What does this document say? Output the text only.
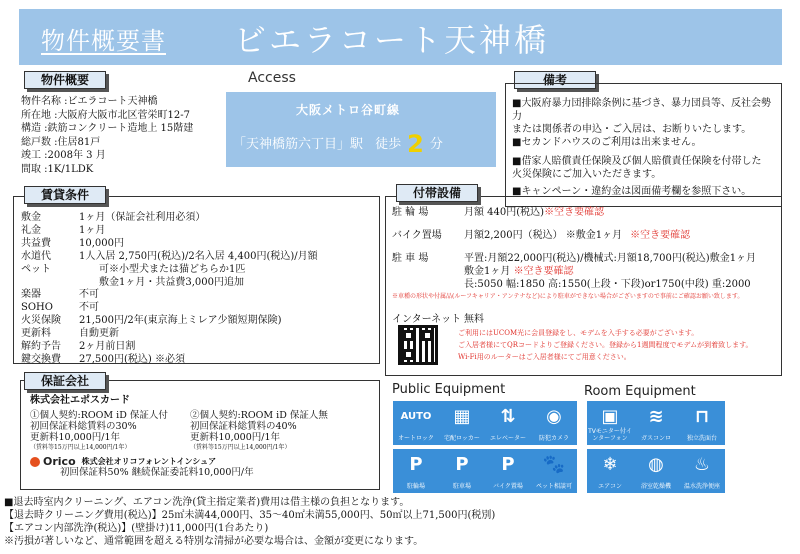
物件概要書 ビエラコート天神橋
物件概要
物件名称 :ビエラコート天神橋
所在地 :大阪府大阪市北区菅栄町12-7
構造 :鉄筋コンクリート造地上 15階建
総戸数 :住居81戸
竣工 :2008年 3 月
間取 :1K/1LDK
Access
大阪メトロ谷町線
「天神橋筋六丁目」駅 徒歩 2 分
備考
■大阪府暴力団排除条例に基づき、暴力団員等、反社会勢力
または関係者の申込・ご入居は、お断りいたします。
■セカンドハウスのご利用は出来ません。
■借家人賠償責任保険及び個人賠償責任保険を付帯した
火災保険にご加入いただきます。
■キャンペーン・違約金は図面備考欄を参照下さい。
賃貸条件
敷金	1ヶ月（保証会社利用必須）
礼金	1ヶ月
共益費	10,000円
水道代	1人入居 2,750円(税込)/2名入居 4,400円(税込)/月額
ペット	可※小型犬または猫どちらか1匹
敷金1ヶ月・共益費3,000円追加
楽器	不可
SOHO	不可
火災保険	21,500円/2年(東京海上ミレア少額短期保険)
更新料	自動更新
解約予告	2ヶ月前日割
鍵交換費	27,500円(税込) ※必須
付帯設備
駐 輪 場	月額 440円(税込) ※空き要確認
バイク置場	月額2,200円（税込） ※敷金1ヶ月 ※空き要確認
駐 車 場	平置:月額22,000円(税込)/機械式:月額18,700円(税込)敷金1ヶ月
敷金1ヶ月 ※空き要確認
長:5050 幅:1850 高:1550(上段・下段)or1750(中段) 重:2000
※車種の形状や付属品(ルーフキャリア・アンテナなど)により駐車ができない場合がございますので事前にご確認お願い致します。
インターネット 無料
ご利用にはUCOM光に会員登録をし、モデムを入手する必要がございます。
ご入居者様にてQRコードよりご登録ください。登録から1週間程度でモデムが到着致します。
Wi-Fi用のルーターはご入居者様にてご用意ください。
保証会社
株式会社エポスカード
①個人契約:ROOM iD 保証人付
初回保証料総賃料の30%
更新料10,000円/1年
（賃料等15万円以上14,000円/1年）
②個人契約:ROOM iD 保証人無
初回保証料総賃料の40%
更新料10,000円/1年
（賃料等15万円以上14,000円/1年）
Orico 株式会社オリコフォレントインシュア
初回保証料50% 継続保証委託料10,000円/年
Public Equipment
AUTO
オートロック
▦
宅配ロッカー
⇅
エレベーター
◉
防犯カメラ
P
駐輪場
P
駐車場
P
バイク置場
🐾
ペット相談可
Room Equipment
▣
TVモニター付インターフォン
≋
ガスコンロ
⊓
独立洗面台
❄
エアコン
◍
浴室乾燥機
♨
温水洗浄便座
■退去時室内クリーニング、エアコン洗浄(貸主指定業者)費用は借主様の負担となります。
【退去時クリーニング費用(税込)】25㎡未満44,000円、35～40㎡未満55,000円、50㎡以上71,500円(税別)
【エアコン内部洗浄(税込)】(壁掛け)11,000円(1台あたり)
※汚損が著しいなど、通常範囲を超える特別な清掃が必要な場合は、金額が変更になります。
